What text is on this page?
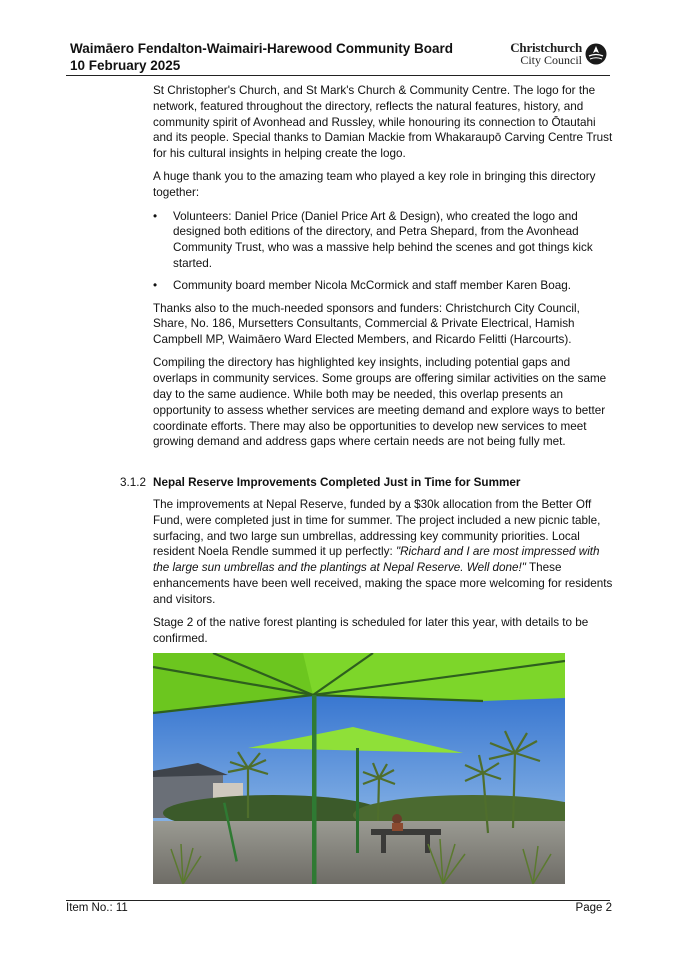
Waimāero Fendalton-Waimairi-Harewood Community Board
10 February 2025
Christchurch
City Council

St Christopher's Church, and St Mark's Church & Community Centre. The logo for the network, featured throughout the directory, reflects the natural features, history, and community spirit of Avonhead and Russley, while honouring its connection to Ōtautahi and its people. Special thanks to Damian Mackie from Whakaraupō Carving Centre Trust for his cultural insights in helping create the logo.

A huge thank you to the amazing team who played a key role in bringing this directory together:

• Volunteers: Daniel Price (Daniel Price Art & Design), who created the logo and designed both editions of the directory, and Petra Shepard, from the Avonhead Community Trust, who was a massive help behind the scenes and got things kick started.
• Community board member Nicola McCormick and staff member Karen Boag.

Thanks also to the much-needed sponsors and funders: Christchurch City Council, Share, No. 186, Mursetters Consultants, Commercial & Private Electrical, Hamish Campbell MP, Waimāero Ward Elected Members, and Ricardo Felitti (Harcourts).

Compiling the directory has highlighted key insights, including potential gaps and overlaps in community services. Some groups are offering similar activities on the same day to the same audience. While both may be needed, this overlap presents an opportunity to assess whether services are meeting demand and explore ways to better coordinate efforts. There may also be opportunities to develop new services to meet growing demand and address gaps where certain needs are not being fully met.

3.1.2 Nepal Reserve Improvements Completed Just in Time for Summer

The improvements at Nepal Reserve, funded by a $30k allocation from the Better Off Fund, were completed just in time for summer. The project included a new picnic table, surfacing, and two large sun umbrellas, addressing key community priorities. Local resident Noela Rendle summed it up perfectly: "Richard and I are most impressed with the large sun umbrellas and the plantings at Nepal Reserve. Well done!" These enhancements have been well received, making the space more welcoming for residents and visitors.

Stage 2 of the native forest planting is scheduled for later this year, with details to be confirmed.

Item No.: 11	Page 2
